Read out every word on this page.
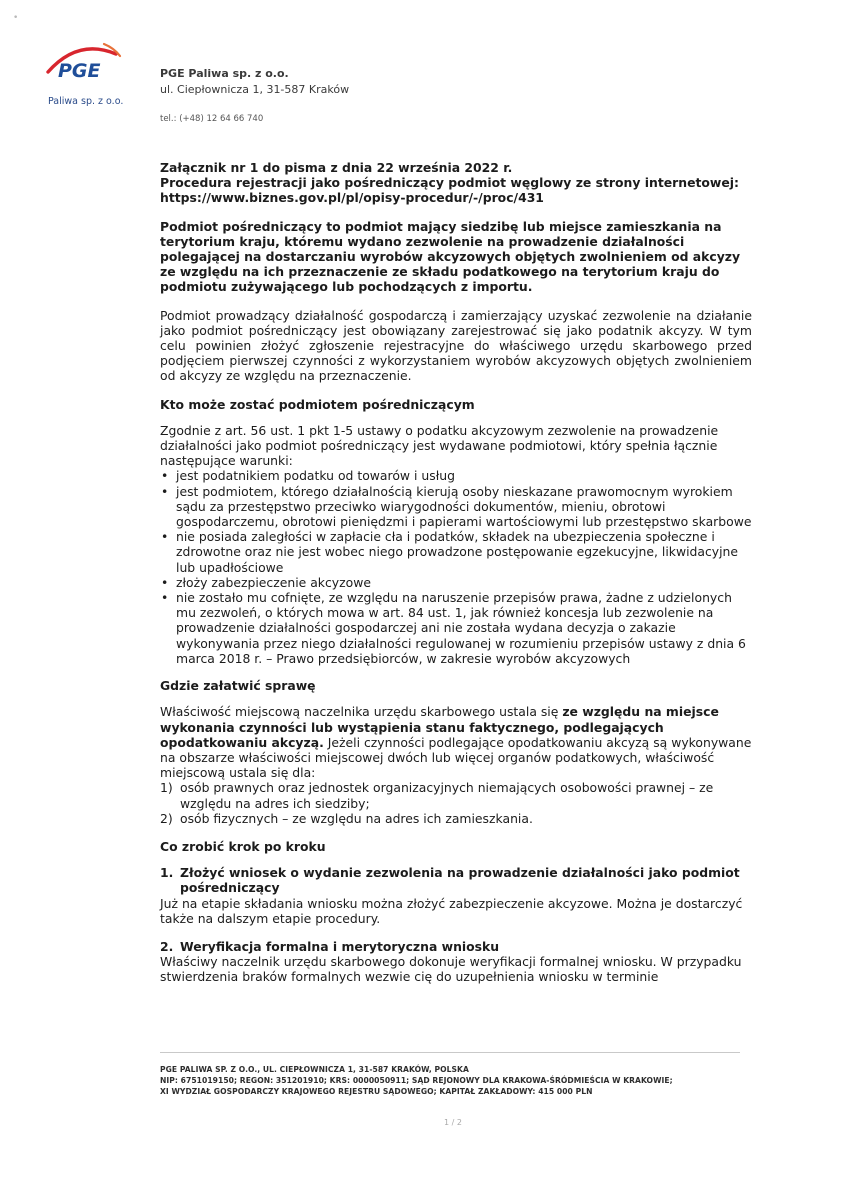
•
PGE
Paliwa sp. z o.o.
PGE Paliwa sp. z o.o.
ul. Ciepłownicza 1, 31-587 Kraków
tel.: (+48) 12 64 66 740

Załącznik nr 1 do pisma z dnia 22 września 2022 r.

Procedura rejestracji jako pośredniczący podmiot węglowy ze strony internetowej: https://www.biznes.gov.pl/pl/opisy-procedur/-/proc/431

Podmiot pośredniczący to podmiot mający siedzibę lub miejsce zamieszkania na terytorium kraju, któremu wydano zezwolenie na prowadzenie działalności polegającej na dostarczaniu wyrobów akcyzowych objętych zwolnieniem od akcyzy ze względu na ich przeznaczenie ze składu podatkowego na terytorium kraju do podmiotu zużywającego lub pochodzących z importu.

Podmiot prowadzący działalność gospodarczą i zamierzający uzyskać zezwolenie na działanie jako podmiot pośredniczący jest obowiązany zarejestrować się jako podatnik akcyzy. W tym celu powinien złożyć zgłoszenie rejestracyjne do właściwego urzędu skarbowego przed podjęciem pierwszej czynności z wykorzystaniem wyrobów akcyzowych objętych zwolnieniem od akcyzy ze względu na przeznaczenie.

Kto może zostać podmiotem pośredniczącym

Zgodnie z art. 56 ust. 1 pkt 1-5 ustawy o podatku akcyzowym zezwolenie na prowadzenie działalności jako podmiot pośredniczący jest wydawane podmiotowi, który spełnia łącznie następujące warunki:

• jest podatnikiem podatku od towarów i usług
• jest podmiotem, którego działalnością kierują osoby nieskazane prawomocnym wyrokiem sądu za przestępstwo przeciwko wiarygodności dokumentów, mieniu, obrotowi gospodarczemu, obrotowi pieniędzmi i papierami wartościowymi lub przestępstwo skarbowe
• nie posiada zaległości w zapłacie cła i podatków, składek na ubezpieczenia społeczne i zdrowotne oraz nie jest wobec niego prowadzone postępowanie egzekucyjne, likwidacyjne lub upadłościowe
• złoży zabezpieczenie akcyzowe
• nie zostało mu cofnięte, ze względu na naruszenie przepisów prawa, żadne z udzielonych mu zezwoleń, o których mowa w art. 84 ust. 1, jak również koncesja lub zezwolenie na prowadzenie działalności gospodarczej ani nie została wydana decyzja o zakazie wykonywania przez niego działalności regulowanej w rozumieniu przepisów ustawy z dnia 6 marca 2018 r. – Prawo przedsiębiorców, w zakresie wyrobów akcyzowych

Gdzie załatwić sprawę

Właściwość miejscową naczelnika urzędu skarbowego ustala się ze względu na miejsce wykonania czynności lub wystąpienia stanu faktycznego, podlegających opodatkowaniu akcyzą. Jeżeli czynności podlegające opodatkowaniu akcyzą są wykonywane na obszarze właściwości miejscowej dwóch lub więcej organów podatkowych, właściwość miejscową ustala się dla:

1) osób prawnych oraz jednostek organizacyjnych niemających osobowości prawnej – ze względu na adres ich siedziby;
2) osób fizycznych – ze względu na adres ich zamieszkania.

Co zrobić krok po kroku

1. Złożyć wniosek o wydanie zezwolenia na prowadzenie działalności jako podmiot pośredniczący

Już na etapie składania wniosku można złożyć zabezpieczenie akcyzowe. Można je dostarczyć także na dalszym etapie procedury.

2. Weryfikacja formalna i merytoryczna wniosku

Właściwy naczelnik urzędu skarbowego dokonuje weryfikacji formalnej wniosku. W przypadku stwierdzenia braków formalnych wezwie cię do uzupełnienia wniosku w terminie

PGE PALIWA SP. Z O.O., UL. CIEPŁOWNICZA 1, 31-587 KRAKÓW, POLSKA
NIP: 6751019150; REGON: 351201910; KRS: 0000050911; SĄD REJONOWY DLA KRAKOWA-ŚRÓDMIEŚCIA W KRAKOWIE;
XI WYDZIAŁ GOSPODARCZY KRAJOWEGO REJESTRU SĄDOWEGO; KAPITAŁ ZAKŁADOWY: 415 000 PLN
1 / 2
